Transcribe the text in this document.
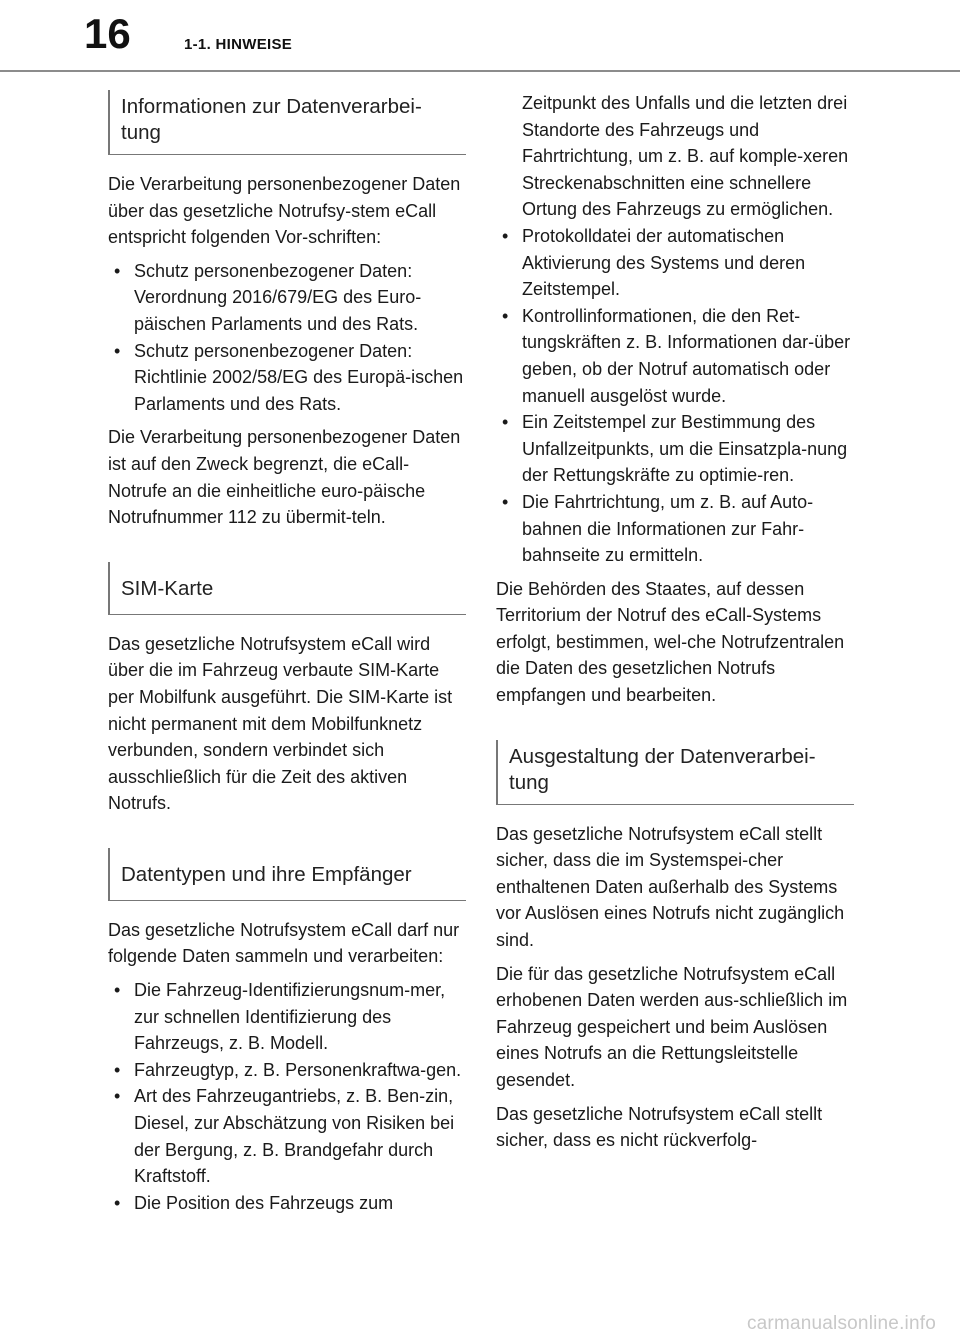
16	1-1. HINWEISE
Informationen zur Datenverarbei-tung

Die Verarbeitung personenbezogener Daten über das gesetzliche Notrufsy-stem eCall entspricht folgenden Vor-schriften:

• Schutz personenbezogener Daten: Verordnung 2016/679/EG des Euro-päischen Parlaments und des Rats.
• Schutz personenbezogener Daten: Richtlinie 2002/58/EG des Europä-ischen Parlaments und des Rats.

Die Verarbeitung personenbezogener Daten ist auf den Zweck begrenzt, die eCall-Notrufe an die einheitliche euro-päische Notrufnummer 112 zu übermit-teln.

SIM-Karte

Das gesetzliche Notrufsystem eCall wird über die im Fahrzeug verbaute SIM-Karte per Mobilfunk ausgeführt. Die SIM-Karte ist nicht permanent mit dem Mobilfunknetz verbunden, sondern verbindet sich ausschließlich für die Zeit des aktiven Notrufs.

Datentypen und ihre Empfänger

Das gesetzliche Notrufsystem eCall darf nur folgende Daten sammeln und verarbeiten:

• Die Fahrzeug-Identifizierungsnum-mer, zur schnellen Identifizierung des Fahrzeugs, z. B. Modell.
• Fahrzeugtyp, z. B. Personenkraftwa-gen.
• Art des Fahrzeugantriebs, z. B. Ben-zin, Diesel, zur Abschätzung von Risiken bei der Bergung, z. B. Brandgefahr durch Kraftstoff.
• Die Position des Fahrzeugs zum

Zeitpunkt des Unfalls und die letzten drei Standorte des Fahrzeugs und Fahrtrichtung, um z. B. auf komple-xeren Streckenabschnitten eine schnellere Ortung des Fahrzeugs zu ermöglichen.

• Protokolldatei der automatischen Aktivierung des Systems und deren Zeitstempel.
• Kontrollinformationen, die den Ret-tungskräften z. B. Informationen dar-über geben, ob der Notruf automatisch oder manuell ausgelöst wurde.
• Ein Zeitstempel zur Bestimmung des Unfallzeitpunkts, um die Einsatzpla-nung der Rettungskräfte zu optimie-ren.
• Die Fahrtrichtung, um z. B. auf Auto-bahnen die Informationen zur Fahr-bahnseite zu ermitteln.

Die Behörden des Staates, auf dessen Territorium der Notruf des eCall-Systems erfolgt, bestimmen, wel-che Notrufzentralen die Daten des gesetzlichen Notrufs empfangen und bearbeiten.

Ausgestaltung der Datenverarbei-tung

Das gesetzliche Notrufsystem eCall stellt sicher, dass die im Systemspei-cher enthaltenen Daten außerhalb des Systems vor Auslösen eines Notrufs nicht zugänglich sind.

Die für das gesetzliche Notrufsystem eCall erhobenen Daten werden aus-schließlich im Fahrzeug gespeichert und beim Auslösen eines Notrufs an die Rettungsleitstelle gesendet.

Das gesetzliche Notrufsystem eCall stellt sicher, dass es nicht rückverfolg-

carmanualsonline.info
